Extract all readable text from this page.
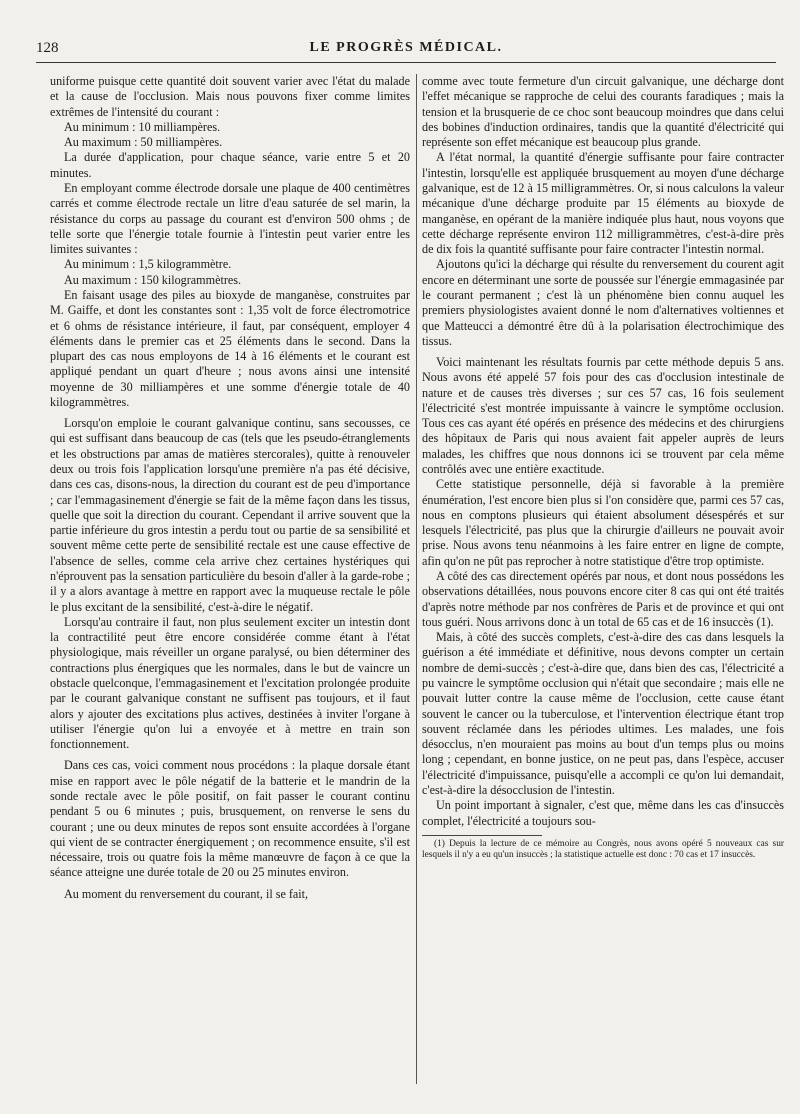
128	LE PROGRÈS MÉDICAL.

uniforme puisque cette quantité doit souvent varier avec l'état du malade et la cause de l'occlusion. Mais nous pouvons fixer comme limites extrêmes de l'intensité du courant :

Au minimum : 10 milliampères.

Au maximum : 50 milliampères.

La durée d'application, pour chaque séance, varie entre 5 et 20 minutes.

En employant comme électrode dorsale une plaque de 400 centimètres carrés et comme électrode rectale un litre d'eau saturée de sel marin, la résistance du corps au passage du courant est d'environ 500 ohms ; de telle sorte que l'énergie totale fournie à l'intestin peut varier entre les limites suivantes :

Au minimum : 1,5 kilogrammètre.

Au maximum : 150 kilogrammètres.

En faisant usage des piles au bioxyde de manganèse, construites par M. Gaiffe, et dont les constantes sont : 1,35 volt de force électromotrice et 6 ohms de résistance intérieure, il faut, par conséquent, employer 4 éléments dans le premier cas et 25 éléments dans le second. Dans la plupart des cas nous employons de 14 à 16 éléments et le courant est appliqué pendant un quart d'heure ; nous avons ainsi une intensité moyenne de 30 milliampères et une somme d'énergie totale de 40 kilogrammètres.

Lorsqu'on emploie le courant galvanique continu, sans secousses, ce qui est suffisant dans beaucoup de cas (tels que les pseudo-étranglements et les obstructions par amas de matières stercorales), quitte à renouveler deux ou trois fois l'application lorsqu'une première n'a pas été décisive, dans ces cas, disons-nous, la direction du courant est de peu d'importance ; car l'emmagasinement d'énergie se fait de la même façon dans les tissus, quelle que soit la direction du courant. Cependant il arrive souvent que la partie inférieure du gros intestin a perdu tout ou partie de sa sensibilité et souvent même cette perte de sensibilité rectale est une cause effective de l'absence de selles, comme cela arrive chez certaines hystériques qui n'éprouvent pas la sensation particulière du besoin d'aller à la garde-robe ; il y a alors avantage à mettre en rapport avec la muqueuse rectale le pôle le plus excitant de la sensibilité, c'est-à-dire le négatif.

Lorsqu'au contraire il faut, non plus seulement exciter un intestin dont la contractilité peut être encore considérée comme étant à l'état physiologique, mais réveiller un organe paralysé, ou bien déterminer des contractions plus énergiques que les normales, dans le but de vaincre un obstacle quelconque, l'emmagasinement et l'excitation prolongée produite par le courant galvanique constant ne suffisent pas toujours, et il faut alors y ajouter des excitations plus actives, destinées à inviter l'organe à utiliser l'énergie qu'on lui a envoyée et à mettre en train son fonctionnement.

Dans ces cas, voici comment nous procédons : la plaque dorsale étant mise en rapport avec le pôle négatif de la batterie et le mandrin de la sonde rectale avec le pôle positif, on fait passer le courant continu pendant 5 ou 6 minutes ; puis, brusquement, on renverse le sens du courant ; une ou deux minutes de repos sont ensuite accordées à l'organe qui vient de se contracter énergiquement ; on recommence ensuite, s'il est nécessaire, trois ou quatre fois la même manœuvre de façon à ce que la séance atteigne une durée totale de 20 ou 25 minutes environ.

Au moment du renversement du courant, il se fait,

comme avec toute fermeture d'un circuit galvanique, une décharge dont l'effet mécanique se rapproche de celui des courants faradiques ; mais la tension et la brusquerie de ce choc sont beaucoup moindres que dans celui des bobines d'induction ordinaires, tandis que la quantité d'électricité qui représente son effet mécanique est beaucoup plus grande.

A l'état normal, la quantité d'énergie suffisante pour faire contracter l'intestin, lorsqu'elle est appliquée brusquement au moyen d'une décharge galvanique, est de 12 à 15 milligrammètres. Or, si nous calculons la valeur mécanique d'une décharge produite par 15 éléments au bioxyde de manganèse, en opérant de la manière indiquée plus haut, nous voyons que cette décharge représente environ 112 milligrammètres, c'est-à-dire près de dix fois la quantité suffisante pour faire contracter l'intestin normal.

Ajoutons qu'ici la décharge qui résulte du renversement du courent agit encore en déterminant une sorte de poussée sur l'énergie emmagasinée par le courant permanent ; c'est là un phénomène bien connu auquel les premiers physiologistes avaient donné le nom d'alternatives voltiennes et que Matteucci a démontré être dû à la polarisation électrochimique des tissus.

Voici maintenant les résultats fournis par cette méthode depuis 5 ans. Nous avons été appelé 57 fois pour des cas d'occlusion intestinale de nature et de causes très diverses ; sur ces 57 cas, 16 fois seulement l'électricité s'est montrée impuissante à vaincre le symptôme occlusion. Tous ces cas ayant été opérés en présence des médecins et des chirurgiens des hôpitaux de Paris qui nous avaient fait appeler auprès de leurs malades, les chiffres que nous donnons ici se trouvent par cela même contrôlés avec une entière exactitude.

Cette statistique personnelle, déjà si favorable à la première énumération, l'est encore bien plus si l'on considère que, parmi ces 57 cas, nous en comptons plusieurs qui étaient absolument désespérés et sur lesquels l'électricité, pas plus que la chirurgie d'ailleurs ne pouvait avoir prise. Nous avons tenu néanmoins à les faire entrer en ligne de compte, afin qu'on ne pût pas reprocher à notre statistique d'être trop optimiste.

A côté des cas directement opérés par nous, et dont nous possédons les observations détaillées, nous pouvons encore citer 8 cas qui ont été traités d'après notre méthode par nos confrères de Paris et de province et qui ont tous guéri. Nous arrivons donc à un total de 65 cas et de 16 insuccès (1).

Mais, à côté des succès complets, c'est-à-dire des cas dans lesquels la guérison a été immédiate et définitive, nous devons compter un certain nombre de demi-succès ; c'est-à-dire que, dans bien des cas, l'électricité a pu vaincre le symptôme occlusion qui n'était que secondaire ; mais elle ne pouvait lutter contre la cause même de l'occlusion, cette cause étant souvent le cancer ou la tuberculose, et l'intervention électrique étant trop souvent réclamée dans les périodes ultimes. Les malades, une fois désocclus, n'en mouraient pas moins au bout d'un temps plus ou moins long ; cependant, en bonne justice, on ne peut pas, dans l'espèce, accuser l'électricité d'impuissance, puisqu'elle a accompli ce qu'on lui demandait, c'est-à-dire la désocclusion de l'intestin.

Un point important à signaler, c'est que, même dans les cas d'insuccès complet, l'électricité a toujours sou-

(1) Depuis la lecture de ce mémoire au Congrès, nous avons opéré 5 nouveaux cas sur lesquels il n'y a eu qu'un insuccès ; la statistique actuelle est donc : 70 cas et 17 insuccès.
